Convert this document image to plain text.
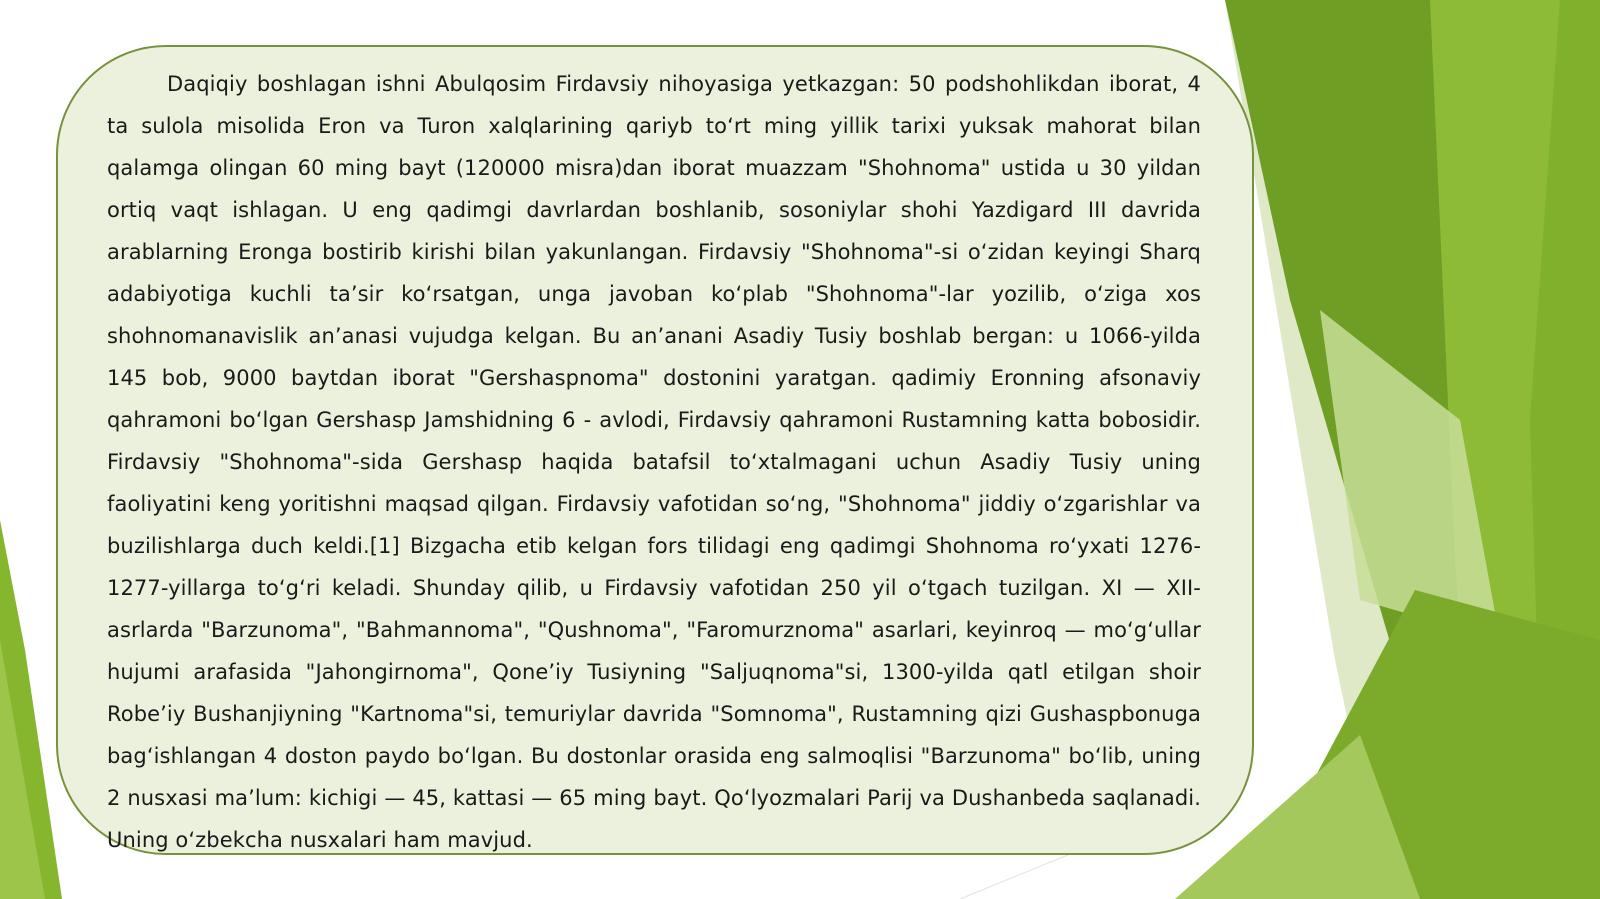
Daqiqiy boshlagan ishni Abulqosim Firdavsiy nihoyasiga yetkazgan: 50 podshohlikdan iborat, 4 ta sulola misolida Eron va Turon xalqlarining qariyb to‘rt ming yillik tarixi yuksak mahorat bilan qalamga olingan 60 ming bayt (120000 misra)dan iborat muazzam "Shohnoma" ustida u 30 yildan ortiq vaqt ishlagan. U eng qadimgi davrlardan boshlanib, sosoniylar shohi Yazdigard III davrida arablarning Eronga bostirib kirishi bilan yakunlangan. Firdavsiy "Shohnoma"-si o‘zidan keyingi Sharq adabiyotiga kuchli ta’sir ko‘rsatgan, unga javoban ko‘plab "Shohnoma"-lar yozilib, o‘ziga xos shohnomanavislik an’anasi vujudga kelgan. Bu an’anani Asadiy Tusiy boshlab bergan: u 1066-yilda 145 bob, 9000 baytdan iborat "Gershaspnoma" dostonini yaratgan. qadimiy Eronning afsonaviy qahramoni bo‘lgan Gershasp Jamshidning 6 - avlodi, Firdavsiy qahramoni Rustamning katta bobosidir. Firdavsiy "Shohnoma"-sida Gershasp haqida batafsil to‘xtalmagani uchun Asadiy Tusiy uning faoliyatini keng yoritishni maqsad qilgan. Firdavsiy vafotidan so‘ng, "Shohnoma" jiddiy o‘zgarishlar va buzilishlarga duch keldi.[1] Bizgacha etib kelgan fors tilidagi eng qadimgi Shohnoma ro‘yxati 1276-1277-yillarga to‘g‘ri keladi. Shunday qilib, u Firdavsiy vafotidan 250 yil o‘tgach tuzilgan. XI — XII-asrlarda "Barzunoma", "Bahmannoma", "Qushnoma", "Faromurznoma" asarlari, keyinroq — mo‘g‘ullar hujumi arafasida "Jahongirnoma", Qone’iy Tusiyning "Saljuqnoma"si, 1300-yilda qatl etilgan shoir Robe’iy Bushanjiyning "Kartnoma"si, temuriylar davrida "Somnoma", Rustamning qizi Gushaspbonuga bag‘ishlangan 4 doston paydo bo‘lgan. Bu dostonlar orasida eng salmoqlisi "Barzunoma" bo‘lib, uning 2 nusxasi ma’lum: kichigi — 45, kattasi — 65 ming bayt. Qo‘lyozmalari Parij va Dushanbeda saqlanadi. Uning o‘zbekcha nusxalari ham mavjud.
